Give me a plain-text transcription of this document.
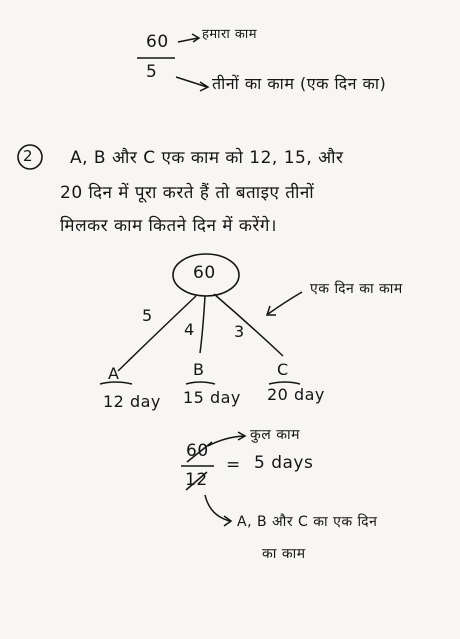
60
5
हमारा काम
तीनों का काम (एक दिन का)
2 A, B और C एक काम को 12, 15, और
20 दिन में पूरा करते हैं तो बताइए तीनों
मिलकर काम कितने दिन में करेंगे।
60
एक दिन का काम
5
4 3
A	B	C
12 day 15 day 20 day
60
12
= 5 days
कुल काम
A, B और C का एक दिन
का काम
